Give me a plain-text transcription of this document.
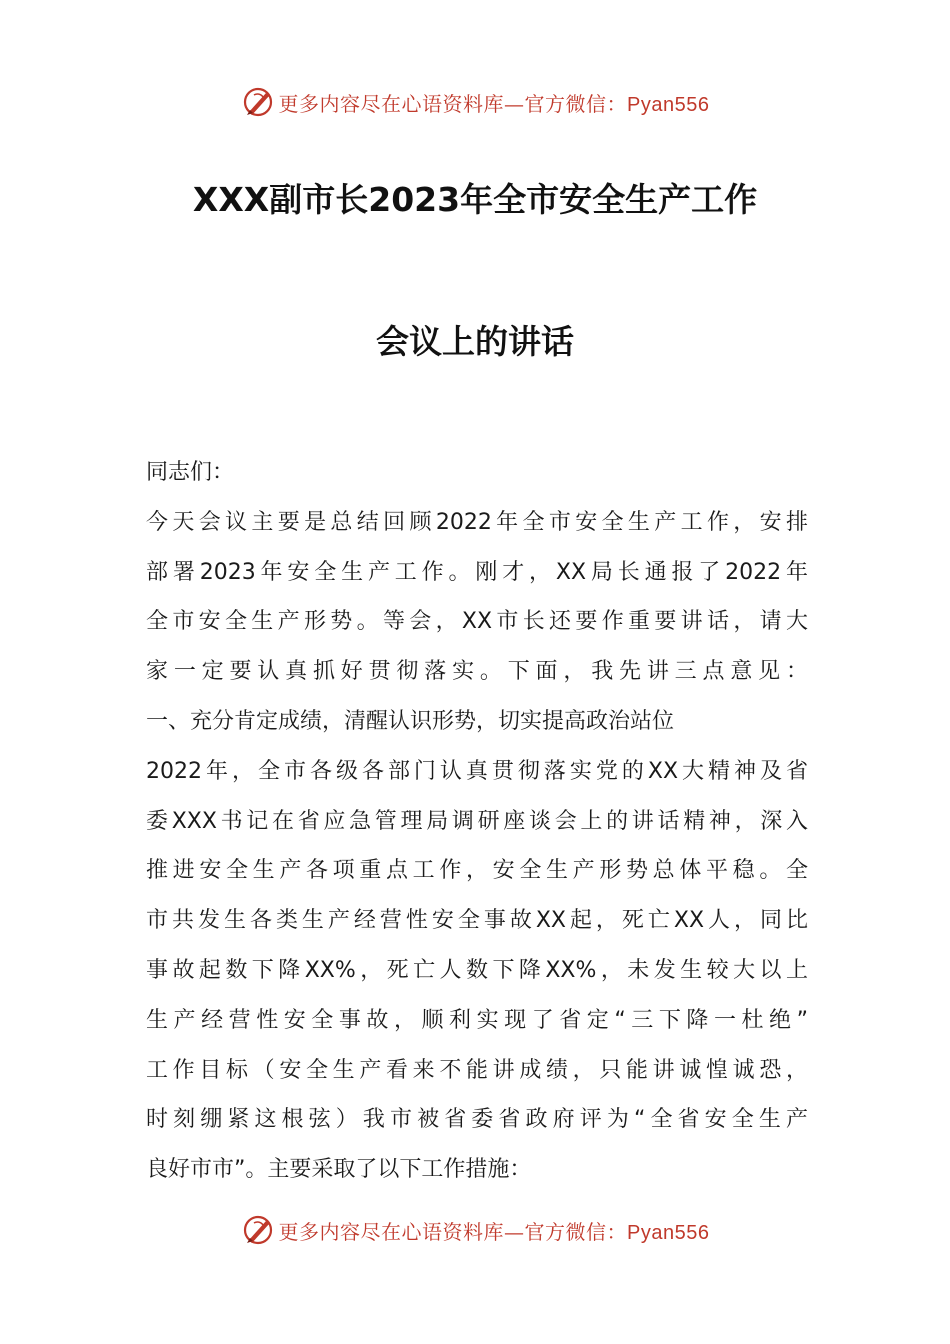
更多内容尽在心语资料库—官方微信：Pyan556
XXX副市长2023年全市安全生产工作
会议上的讲话
同志们：
今天会议主要是总结回顾2022年全市安全生产工作，安排
部署2023年安全生产工作。刚才，XX局长通报了2022年
全市安全生产形势。等会，XX市长还要作重要讲话，请大
家一定要认真抓好贯彻落实。下面，我先讲三点意见：
一、充分肯定成绩，清醒认识形势，切实提高政治站位
2022年，全市各级各部门认真贯彻落实党的XX大精神及省
委XXX书记在省应急管理局调研座谈会上的讲话精神，深入
推进安全生产各项重点工作，安全生产形势总体平稳。全
市共发生各类生产经营性安全事故XX起，死亡XX人，同比
事故起数下降XX%，死亡人数下降XX%，未发生较大以上
生产经营性安全事故，顺利实现了省定“三下降一杜绝”
工作目标（安全生产看来不能讲成绩，只能讲诚惶诚恐，
时刻绷紧这根弦）我市被省委省政府评为“全省安全生产
良好市市”。主要采取了以下工作措施：
更多内容尽在心语资料库—官方微信：Pyan556
